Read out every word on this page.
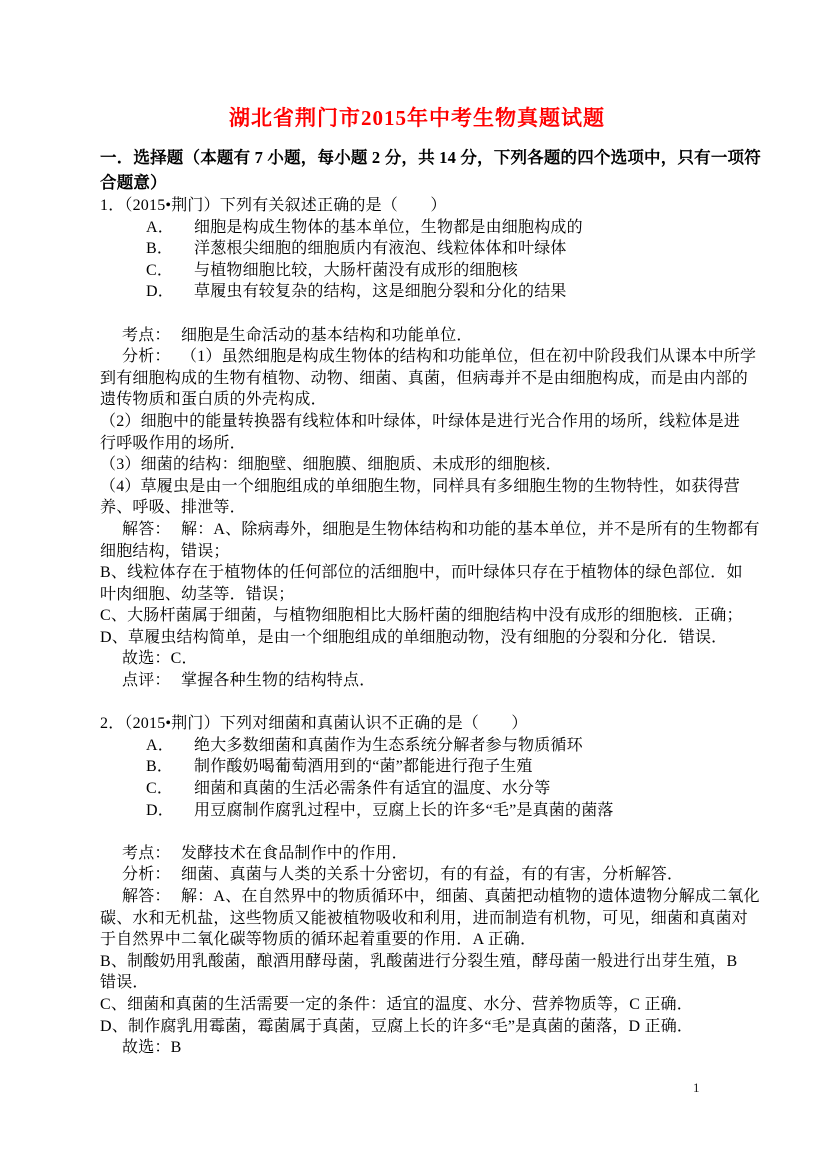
湖北省荆门市2015年中考生物真题试题
一．选择题（本题有 7 小题，每小题 2 分，共 14 分，下列各题的四个选项中，只有一项符
合题意）
1．（2015•荆门）下列有关叙述正确的是（　　）
A． 细胞是构成生物体的基本单位，生物都是由细胞构成的
B． 洋葱根尖细胞的细胞质内有液泡、线粒体体和叶绿体
C． 与植物细胞比较，大肠杆菌没有成形的细胞核
D． 草履虫有较复杂的结构，这是细胞分裂和分化的结果
考点： 细胞是生命活动的基本结构和功能单位．
分析： （1）虽然细胞是构成生物体的结构和功能单位，但在初中阶段我们从课本中所学
到有细胞构成的生物有植物、动物、细菌、真菌，但病毒并不是由细胞构成，而是由内部的
遗传物质和蛋白质的外壳构成．
（2）细胞中的能量转换器有线粒体和叶绿体，叶绿体是进行光合作用的场所，线粒体是进
行呼吸作用的场所．
（3）细菌的结构：细胞壁、细胞膜、细胞质、未成形的细胞核．
（4）草履虫是由一个细胞组成的单细胞生物，同样具有多细胞生物的生物特性，如获得营
养、呼吸、排泄等．
解答： 解：A、除病毒外，细胞是生物体结构和功能的基本单位，并不是所有的生物都有
细胞结构，错误；
B、线粒体存在于植物体的任何部位的活细胞中，而叶绿体只存在于植物体的绿色部位．如
叶肉细胞、幼茎等．错误；
C、大肠杆菌属于细菌，与植物细胞相比大肠杆菌的细胞结构中没有成形的细胞核．正确；
D、草履虫结构简单，是由一个细胞组成的单细胞动物，没有细胞的分裂和分化．错误．
故选：C．
点评： 掌握各种生物的结构特点．
2．（2015•荆门）下列对细菌和真菌认识不正确的是（　　）
A． 绝大多数细菌和真菌作为生态系统分解者参与物质循环
B． 制作酸奶喝葡萄酒用到的“菌”都能进行孢子生殖
C． 细菌和真菌的生活必需条件有适宜的温度、水分等
D． 用豆腐制作腐乳过程中，豆腐上长的许多“毛”是真菌的菌落
考点： 发酵技术在食品制作中的作用．
分析： 细菌、真菌与人类的关系十分密切，有的有益，有的有害，分析解答．
解答： 解：A、在自然界中的物质循环中，细菌、真菌把动植物的遗体遗物分解成二氧化
碳、水和无机盐，这些物质又能被植物吸收和利用，进而制造有机物，可见，细菌和真菌对
于自然界中二氧化碳等物质的循环起着重要的作用．A 正确．
B、制酸奶用乳酸菌，酿酒用酵母菌，乳酸菌进行分裂生殖，酵母菌一般进行出芽生殖，B
错误．
C、细菌和真菌的生活需要一定的条件：适宜的温度、水分、营养物质等，C 正确．
D、制作腐乳用霉菌，霉菌属于真菌，豆腐上长的许多“毛”是真菌的菌落，D 正确．
故选：B
1
